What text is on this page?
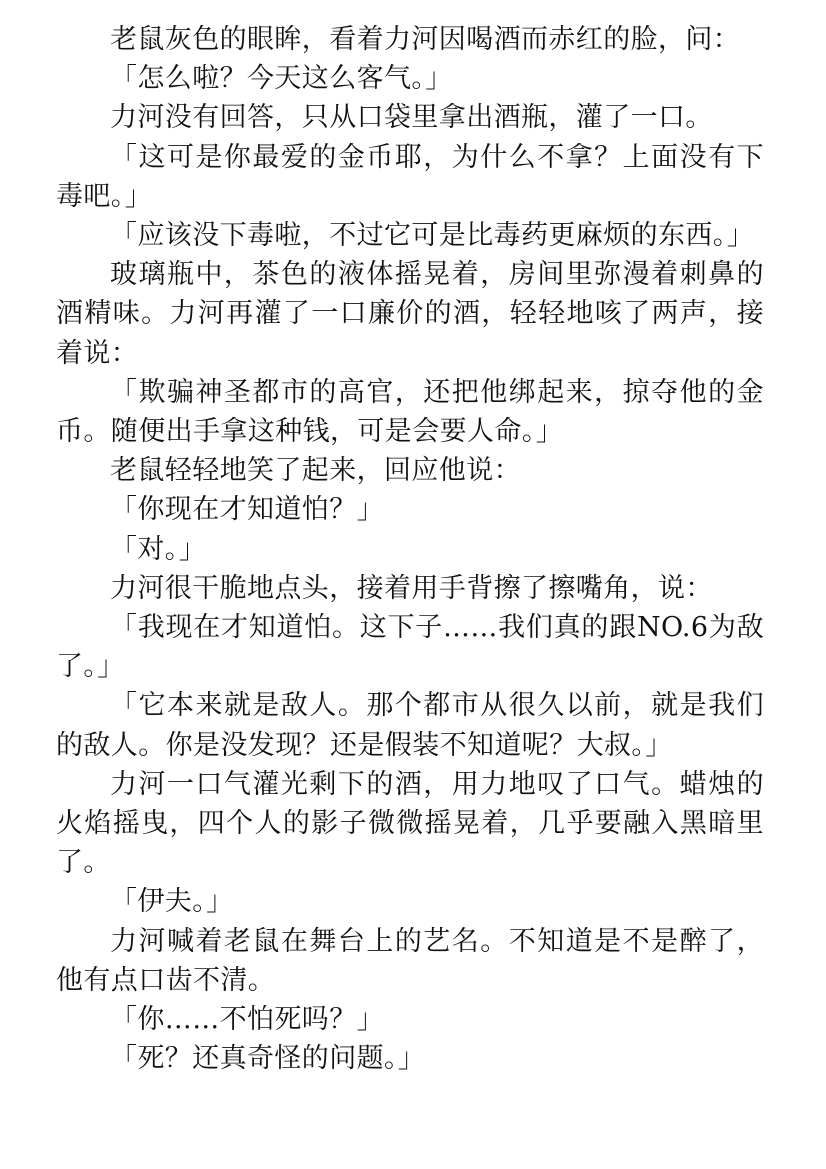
老鼠灰色的眼眸，看着力河因喝酒而赤红的脸，问：

「怎么啦？今天这么客气。」

力河没有回答，只从口袋里拿出酒瓶，灌了一口。

「这可是你最爱的金币耶，为什么不拿？上面没有下毒吧。」

「应该没下毒啦，不过它可是比毒药更麻烦的东西。」

玻璃瓶中，茶色的液体摇晃着，房间里弥漫着刺鼻的酒精味。力河再灌了一口廉价的酒，轻轻地咳了两声，接着说：

「欺骗神圣都市的高官，还把他绑起来，掠夺他的金币。随便出手拿这种钱，可是会要人命。」

老鼠轻轻地笑了起来，回应他说：

「你现在才知道怕？」

「对。」

力河很干脆地点头，接着用手背擦了擦嘴角，说：

「我现在才知道怕。这下子……我们真的跟NO.6为敌了。」

「它本来就是敌人。那个都市从很久以前，就是我们的敌人。你是没发现？还是假装不知道呢？大叔。」

力河一口气灌光剩下的酒，用力地叹了口气。蜡烛的火焰摇曳，四个人的影子微微摇晃着，几乎要融入黑暗里了。

「伊夫。」

力河喊着老鼠在舞台上的艺名。不知道是不是醉了，他有点口齿不清。

「你……不怕死吗？」

「死？还真奇怪的问题。」
